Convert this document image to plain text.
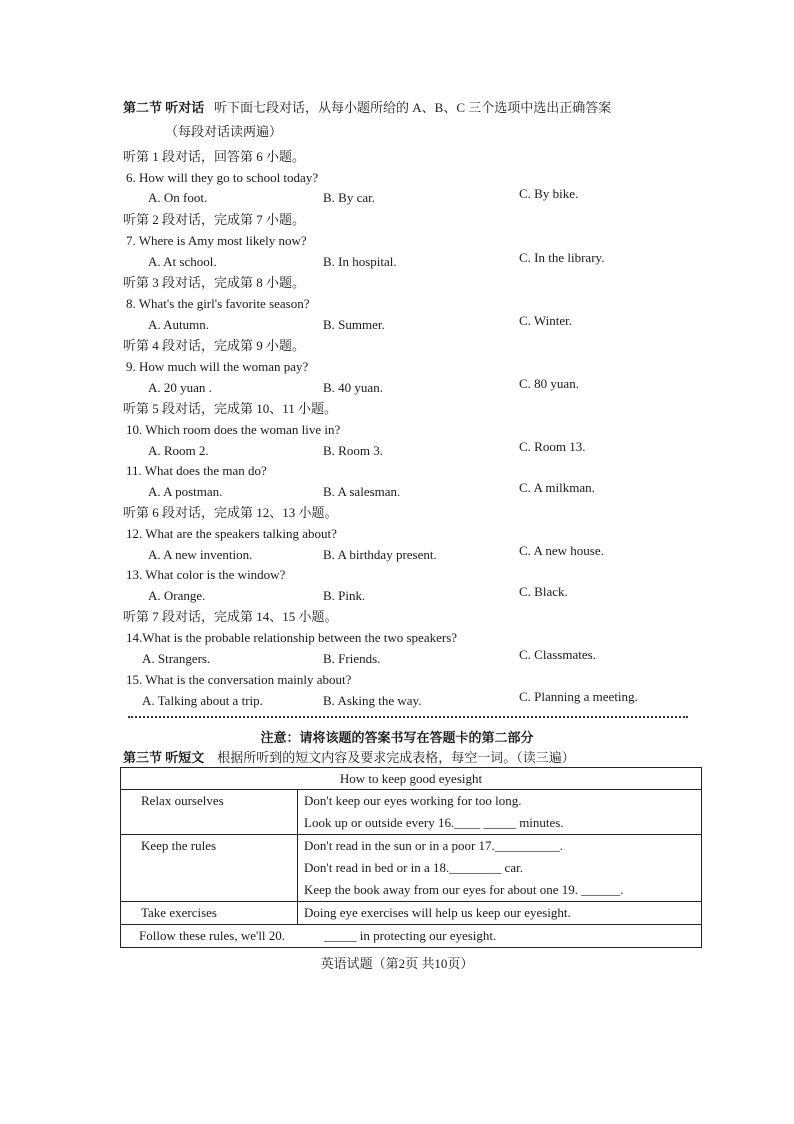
第二节 听对话 听下面七段对话，从每小题所给的 A、B、C 三个选项中选出正确答案
（每段对话读两遍）
听第 1 段对话，回答第 6 小题。
6. How will they go to school today?
A. On foot.	B. By car.	C. By bike.
听第 2 段对话，完成第 7 小题。
7. Where is Amy most likely now?
A. At school.	B. In hospital.	C. In the library.
听第 3 段对话，完成第 8 小题。
8. What's the girl's favorite season?
A. Autumn.	B. Summer.	C. Winter.
听第 4 段对话，完成第 9 小题。
9. How much will the woman pay?
A. 20 yuan .	B. 40 yuan.	C. 80 yuan.
听第 5 段对话，完成第 10、11 小题。
10. Which room does the woman live in?
A. Room 2.	B. Room 3.	C. Room 13.
11. What does the man do?
A. A postman.	B. A salesman.	C. A milkman.
听第 6 段对话，完成第 12、13 小题。
12. What are the speakers talking about?
A. A new invention.	B. A birthday present.	C. A new house.
13. What color is the window?
A. Orange.	B. Pink.	C. Black.
听第 7 段对话，完成第 14、15 小题。
14.What is the probable relationship between the two speakers?
A. Strangers.	B. Friends.	C. Classmates.
15. What is the conversation mainly about?
A. Talking about a trip.	B. Asking the way.	C. Planning a meeting.
注意：请将该题的答案书写在答题卡的第二部分
第三节 听短文 根据所听到的短文内容及要求完成表格，每空一词。（读三遍）
How to keep good eyesight	

Relax ourselves	Don't keep our eyes working for too long.
Look up or outside every 16.____ _____ minutes.

Keep the rules	Don't read in the sun or in a poor 17.__________.
Don't read in bed or in a 18.________ car.
Keep the book away from our eyes for about one 19. ______.

Take exercises	Doing eye exercises will help us keep our eyesight.

Follow these rules, we'll 20.　　　_____ in protecting our eyesight.	
英语试题（第2页 共10页）
